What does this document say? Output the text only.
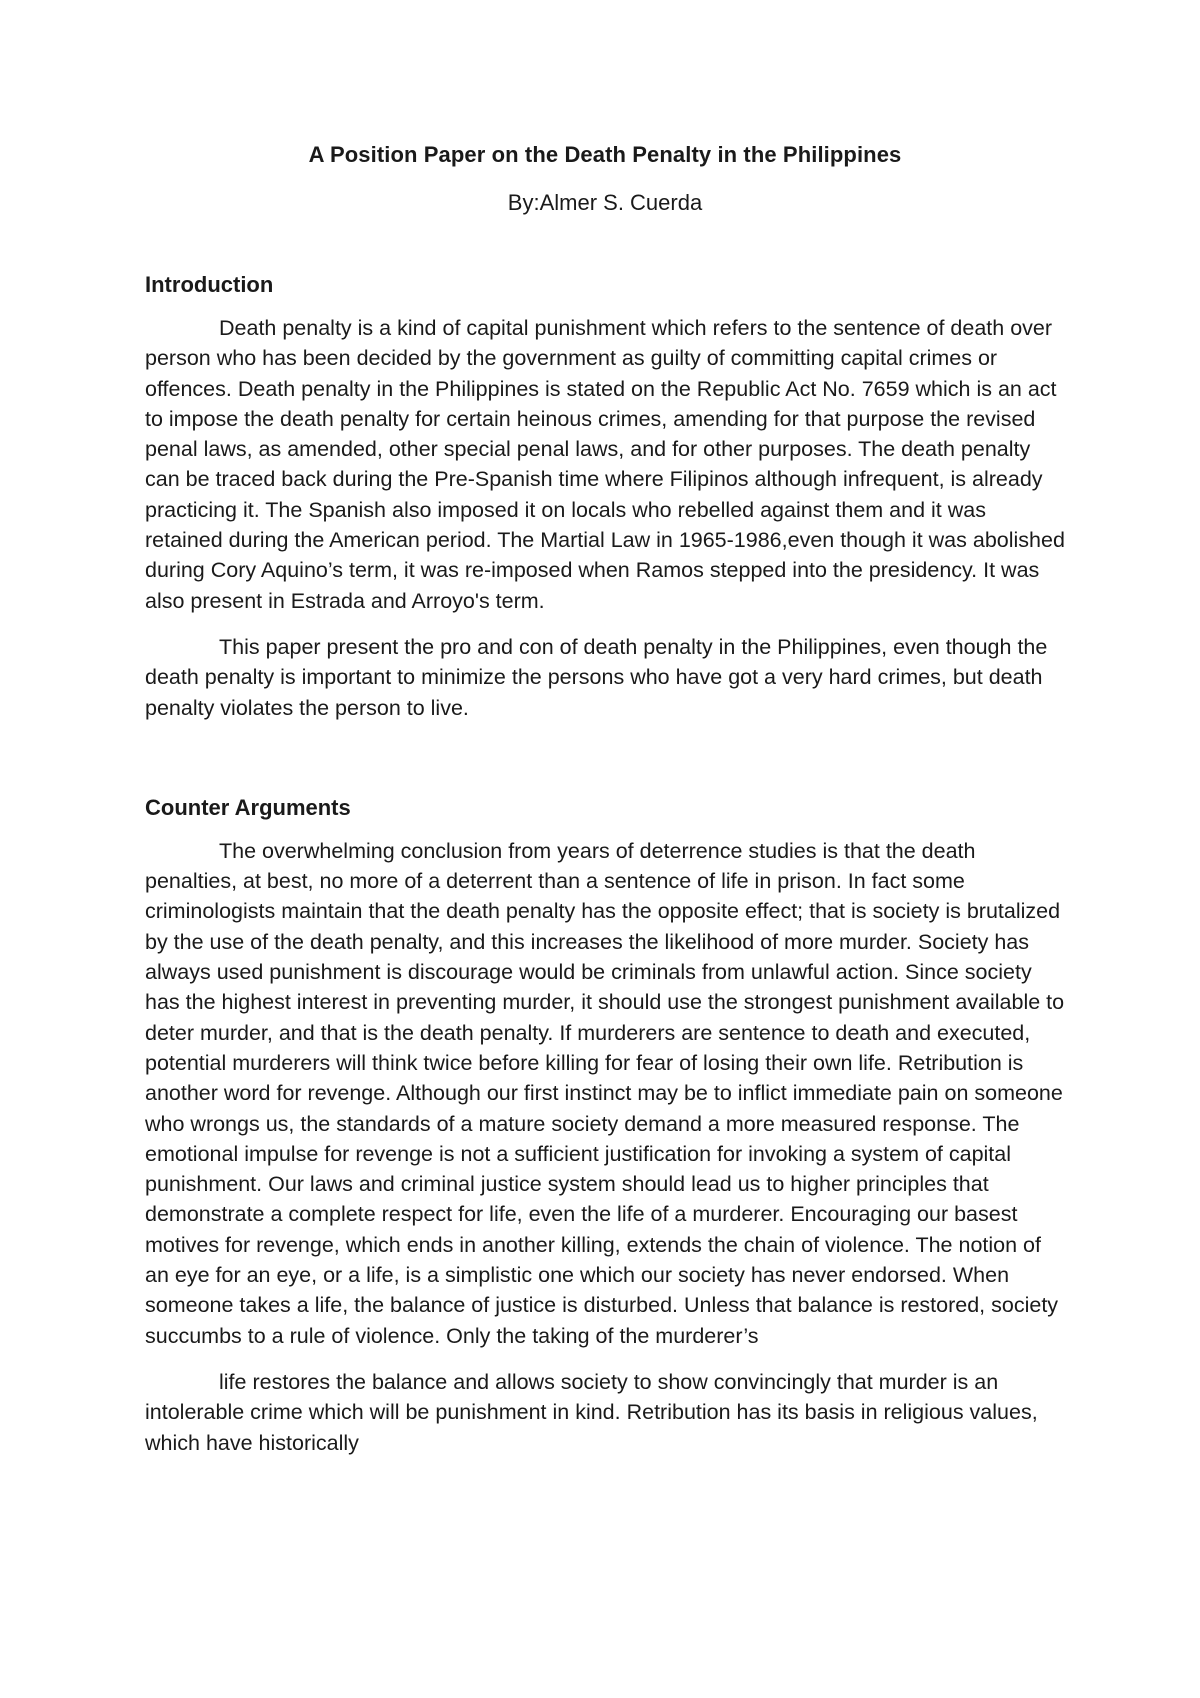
A Position Paper on the Death Penalty in the Philippines

By:Almer S. Cuerda

Introduction

Death penalty is a kind of capital punishment which refers to the sentence of death over person who has been decided by the government as guilty of committing capital crimes or offences. Death penalty in the Philippines is stated on the Republic Act No. 7659 which is an act to impose the death penalty for certain heinous crimes, amending for that purpose the revised penal laws, as amended, other special penal laws, and for other purposes. The death penalty can be traced back during the Pre-Spanish time where Filipinos although infrequent, is already practicing it. The Spanish also imposed it on locals who rebelled against them and it was retained during the American period. The Martial Law in 1965-1986,even though it was abolished during Cory Aquino’s term, it was re-imposed when Ramos stepped into the presidency. It was also present in Estrada and Arroyo's term.

This paper present the pro and con of death penalty in the Philippines, even though the death penalty is important to minimize the persons who have got a very hard crimes, but death penalty violates the person to live.

Counter Arguments

The overwhelming conclusion from years of deterrence studies is that the death penalties, at best, no more of a deterrent than a sentence of life in prison. In fact some criminologists maintain that the death penalty has the opposite effect; that is society is brutalized by the use of the death penalty, and this increases the likelihood of more murder. Society has always used punishment is discourage would be criminals from unlawful action. Since society has the highest interest in preventing murder, it should use the strongest punishment available to deter murder, and that is the death penalty. If murderers are sentence to death and executed, potential murderers will think twice before killing for fear of losing their own life. Retribution is another word for revenge. Although our first instinct may be to inflict immediate pain on someone who wrongs us, the standards of a mature society demand a more measured response. The emotional impulse for revenge is not a sufficient justification for invoking a system of capital punishment. Our laws and criminal justice system should lead us to higher principles that demonstrate a complete respect for life, even the life of a murderer. Encouraging our basest motives for revenge, which ends in another killing, extends the chain of violence. The notion of an eye for an eye, or a life, is a simplistic one which our society has never endorsed. When someone takes a life, the balance of justice is disturbed. Unless that balance is restored, society succumbs to a rule of violence. Only the taking of the murderer’s

life restores the balance and allows society to show convincingly that murder is an intolerable crime which will be punishment in kind. Retribution has its basis in religious values, which have historically
